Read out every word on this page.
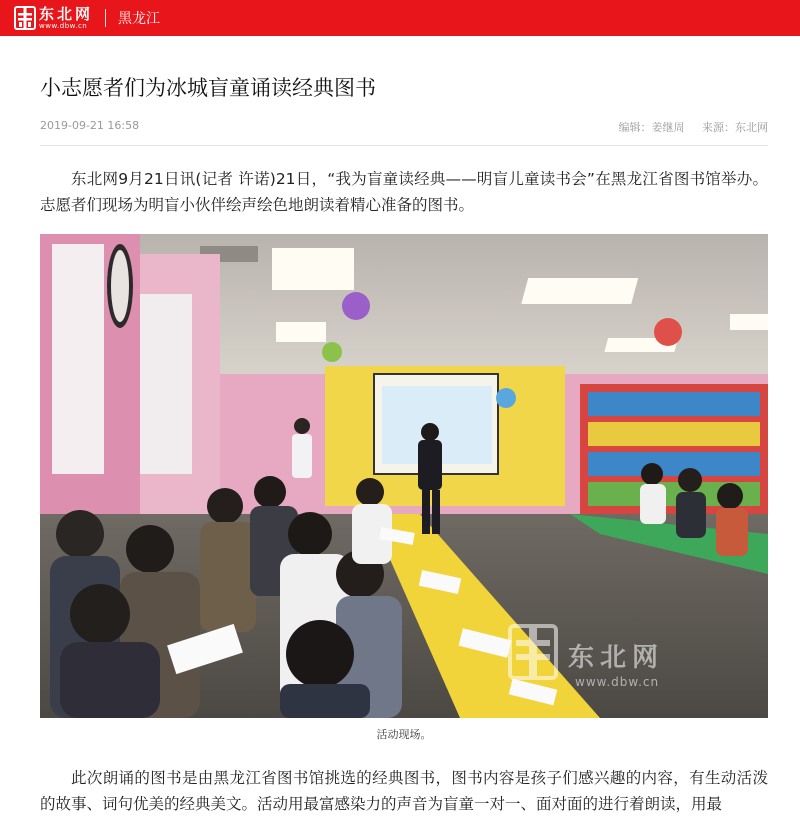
东北网
www.dbw.cn	黑龙江
小志愿者们为冰城盲童诵读经典图书
2019-09-21 16:58	编辑：姜继周 来源：东北网

东北网9月21日讯(记者 许诺)21日，“我为盲童读经典——明盲儿童读书会”在黑龙江省图书馆举办。志愿者们现场为明盲小伙伴绘声绘色地朗读着精心准备的图书。

东北网
www.dbw.cn
活动现场。

此次朗诵的图书是由黑龙江省图书馆挑选的经典图书，图书内容是孩子们感兴趣的内容，有生动活泼的故事、词句优美的经典美文。活动用最富感染力的声音为盲童一对一、面对面的进行着朗读，用最
